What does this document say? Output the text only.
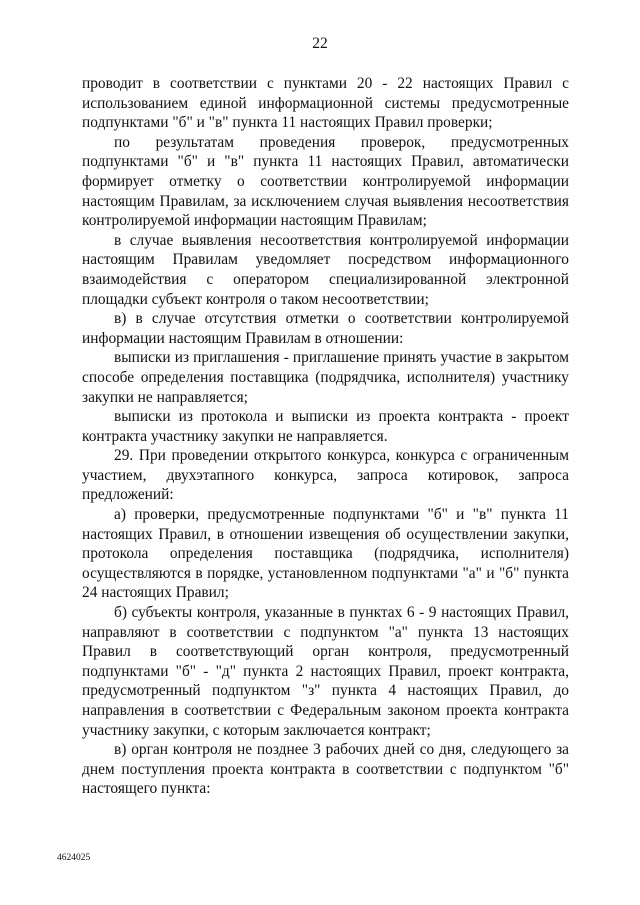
22

проводит в соответствии с пунктами 20 - 22 настоящих Правил с использованием единой информационной системы предусмотренные подпунктами "б" и "в" пункта 11 настоящих Правил проверки;

по результатам проведения проверок, предусмотренных подпунктами "б" и "в" пункта 11 настоящих Правил, автоматически формирует отметку о соответствии контролируемой информации настоящим Правилам, за исключением случая выявления несоответствия контролируемой информации настоящим Правилам;

в случае выявления несоответствия контролируемой информации настоящим Правилам уведомляет посредством информационного взаимодействия с оператором специализированной электронной площадки субъект контроля о таком несоответствии;

в) в случае отсутствия отметки о соответствии контролируемой информации настоящим Правилам в отношении:

выписки из приглашения - приглашение принять участие в закрытом способе определения поставщика (подрядчика, исполнителя) участнику закупки не направляется;

выписки из протокола и выписки из проекта контракта - проект контракта участнику закупки не направляется.

29. При проведении открытого конкурса, конкурса с ограниченным участием, двухэтапного конкурса, запроса котировок, запроса предложений:

а) проверки, предусмотренные подпунктами "б" и "в" пункта 11 настоящих Правил, в отношении извещения об осуществлении закупки, протокола определения поставщика (подрядчика, исполнителя) осуществляются в порядке, установленном подпунктами "а" и "б" пункта 24 настоящих Правил;

б) субъекты контроля, указанные в пунктах 6 - 9 настоящих Правил, направляют в соответствии с подпунктом "а" пункта 13 настоящих Правил в соответствующий орган контроля, предусмотренный подпунктами "б" - "д" пункта 2 настоящих Правил, проект контракта, предусмотренный подпунктом "з" пункта 4 настоящих Правил, до направления в соответствии с Федеральным законом проекта контракта участнику закупки, с которым заключается контракт;

в) орган контроля не позднее 3 рабочих дней со дня, следующего за днем поступления проекта контракта в соответствии с подпунктом "б" настоящего пункта:

4624025
